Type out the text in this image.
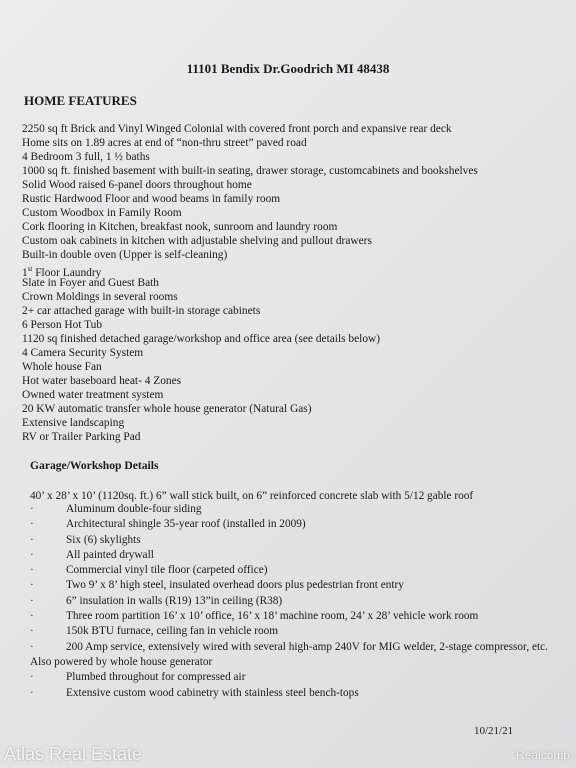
11101 Bendix Dr.Goodrich MI 48438
HOME FEATURES
2250 sq ft Brick and Vinyl Winged Colonial with covered front porch and expansive rear deck
Home sits on 1.89 acres at end of “non-thru street” paved road
4 Bedroom 3 full, 1 ½ baths
1000 sq ft. finished basement with built-in seating, drawer storage, customcabinets and bookshelves
Solid Wood raised 6-panel doors throughout home
Rustic Hardwood Floor and wood beams in family room
Custom Woodbox in Family Room
Cork flooring in Kitchen, breakfast nook, sunroom and laundry room
Custom oak cabinets in kitchen with adjustable shelving and pullout drawers
Built-in double oven (Upper is self-cleaning)
1st Floor Laundry
Slate in Foyer and Guest Bath
Crown Moldings in several rooms
2+ car attached garage with built-in storage cabinets
6 Person Hot Tub
1120 sq finished detached garage/workshop and office area (see details below)
4 Camera Security System
Whole house Fan
Hot water baseboard heat- 4 Zones
Owned water treatment system
20 KW automatic transfer whole house generator (Natural Gas)
Extensive landscaping
RV or Trailer Parking Pad
Garage/Workshop Details
40’ x 28’ x 10’ (1120sq. ft.) 6” wall stick built, on 6” reinforced concrete slab with 5/12 gable roof
·	Aluminum double-four siding
·	Architectural shingle 35-year roof (installed in 2009)
·	Six (6) skylights
·	All painted drywall
·	Commercial vinyl tile floor (carpeted office)
·	Two 9’ x 8’ high steel, insulated overhead doors plus pedestrian front entry
·	6” insulation in walls (R19) 13”in ceiling (R38)
·	Three room partition 16’ x 10’ office, 16’ x 18’ machine room, 24’ x 28’ vehicle work room
·	150k BTU furnace, ceiling fan in vehicle room
·	200 Amp service, extensively wired with several high-amp 240V for MIG welder, 2-stage compressor, etc. Also powered by whole house generator
·	Plumbed throughout for compressed air
·	Extensive custom wood cabinetry with stainless steel bench-tops
10/21/21
Atlas Real Estate	Realcomp
